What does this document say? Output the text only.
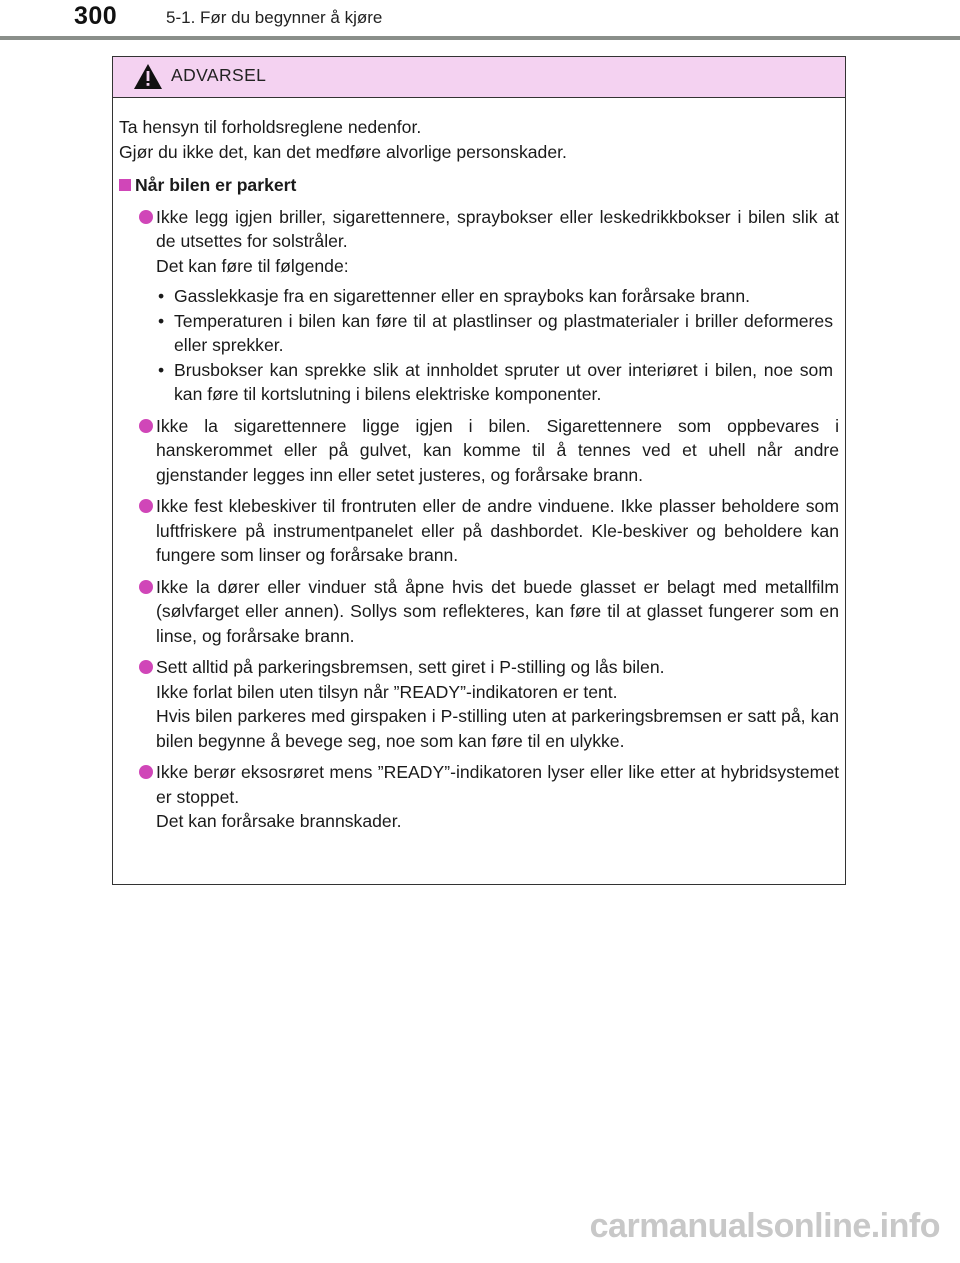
300	5-1. Før du begynner å kjøre
ADVARSEL

Ta hensyn til forholdsreglene nedenfor.

Gjør du ikke det, kan det medføre alvorlige personskader.

Når bilen er parkert

Ikke legg igjen briller, sigarettennere, spraybokser eller leskedrikkbokser i bilen slik at de utsettes for solstråler.

Det kan føre til følgende:

• Gasslekkasje fra en sigarettenner eller en sprayboks kan forårsake brann.
• Temperaturen i bilen kan føre til at plastlinser og plastmaterialer i briller deformeres eller sprekker.
• Brusbokser kan sprekke slik at innholdet spruter ut over interiøret i bilen, noe som kan føre til kortslutning i bilens elektriske komponenter.

Ikke la sigarettennere ligge igjen i bilen. Sigarettennere som oppbevares i hanskerommet eller på gulvet, kan komme til å tennes ved et uhell når andre gjenstander legges inn eller setet justeres, og forårsake brann.

Ikke fest klebeskiver til frontruten eller de andre vinduene. Ikke plasser beholdere som luftfriskere på instrumentpanelet eller på dashbordet. Kle-beskiver og beholdere kan fungere som linser og forårsake brann.

Ikke la dører eller vinduer stå åpne hvis det buede glasset er belagt med metallfilm (sølvfarget eller annen). Sollys som reflekteres, kan føre til at glasset fungerer som en linse, og forårsake brann.

Sett alltid på parkeringsbremsen, sett giret i P-stilling og lås bilen.

Ikke forlat bilen uten tilsyn når ”READY”-indikatoren er tent.

Hvis bilen parkeres med girspaken i P-stilling uten at parkeringsbremsen er satt på, kan bilen begynne å bevege seg, noe som kan føre til en ulykke.

Ikke berør eksosrøret mens ”READY”-indikatoren lyser eller like etter at hybridsystemet er stoppet.

Det kan forårsake brannskader.

carmanualsonline.info
